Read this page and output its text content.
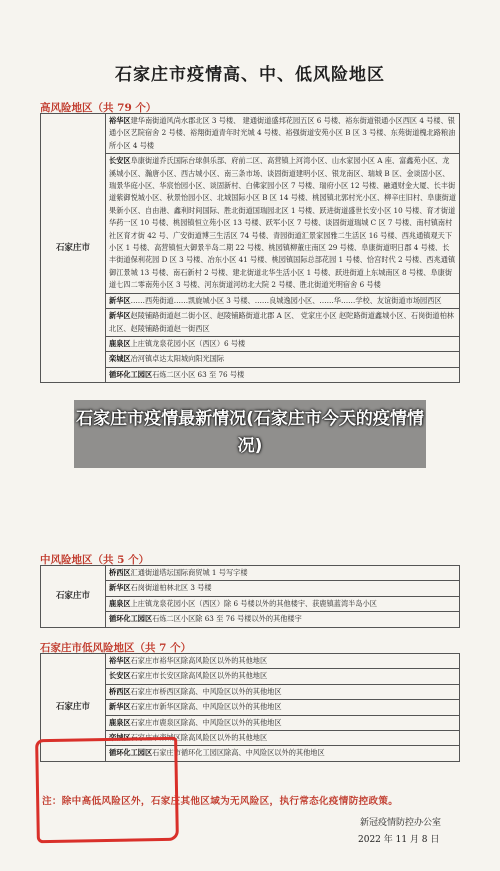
石家庄市疫情高、中、低风险地区
高风险地区（共 79 个）
石家庄市	裕华区建华南街道风尚水郡北区 3 号楼、 建通街道盛邦花园五区 6 号楼、裕东街道银通小区西区 4 号楼、银通小区艺院宿舍 2 号楼、裕翔街道青年时光城 4 号楼、裕强街道安苑小区 B 区 3 号楼、东苑街道槐北路粮油所小区 4 号楼
长安区阜康街道乔氏国际台球俱乐部、府前二区、高营镇上河湾小区、山水家园小区 A 座、富鑫苑小区、龙溪城小区、瀚唐小区、西古城小区、南三条市场、谈固街道建明小区、银龙南区、瑞城 B 区、金谈固小区、瑞景华庭小区、华宸怡园小区、谈固新村、白佛家园小区 7 号楼、瑞府小区 12 号楼、融通财金大厦、长丰街道紫御悦城小区、秋景怡园小区、北城国际小区 B 区 14 号楼、桃园镇北郭村光小区、柳辛庄旧村、阜康街道果新小区、自由港、鑫利时间国际、胜北街道国瑞园北区 1 号楼、跃进街道盛世长安小区 10 号楼、育才街道华药一区 10 号楼、桃园镇恒立苑小区 13 号楼、跃军小区 7 号楼、谈固街道瑞城 C 区 7 号楼、南村镇南村社区育才街 42 号、广安街道博三生活区 74 号楼、青园街道汇景家园雅二生活区 16 号楼、西兆通镇观天下小区 1 号楼、高营镇恒大御景半岛二期 22 号楼、桃园镇柳董庄南区 29 号楼、阜康街道明日郡 4 号楼、长丰街道保利花园 D 区 3 号楼、冶东小区 41 号楼、桃园镇国际总部花园 1 号楼、恰宫时代 2 号楼、西兆通镇御江景城 13 号楼、南石新村 2 号楼、建北街道北华生活小区 1 号楼、跃进街道上东城南区 8 号楼、阜康街道七四二零南苑小区 3 号楼、河东街道河纺北大院 2 号楼、胜北街道光明宿舍 6 号楼
新华区……西苑街道……凯旋城小区 3 号楼、……良城逸园小区、……华……学校、友谊街道市场园西区
新华区赵陵铺路街道赵二街小区、赵陵铺路街道北郡 A 区、 党家庄小区 赵陀路街道鑫城小区、石岗街道柏林北区、赵陵铺路街道赵一街西区
鹿泉区上庄镇龙泉花园小区（西区）6 号楼
栾城区冶河镇卓达太阳城向阳光国际
循环化工园区石炼二区小区 63 至 76 号楼
中风险地区（共 5 个）
石家庄市	桥西区汇通街道塔坛国际商贸城 1 号写字楼
新华区石岗街道柏林北区 3 号楼
鹿泉区上庄镇龙泉花园小区（西区）除 6 号楼以外的其他楼宇、获鹿镇蓝湾半岛小区
循环化工园区石炼二区小区除 63 至 76 号楼以外的其他楼宇
石家庄市低风险地区（共 7 个）
石家庄市	裕华区石家庄市裕华区除高风险区以外的其他地区
长安区石家庄市长安区除高风险区以外的其他地区
桥西区石家庄市桥西区除高、中风险区以外的其他地区
新华区石家庄市新华区除高、中风险区以外的其他地区
鹿泉区石家庄市鹿泉区除高、中风险区以外的其他地区
栾城区石家庄市栾城区除高风险区以外的其他地区
循环化工园区石家庄市循环化工园区除高、中风险区以外的其他地区
注：除中高低风险区外，石家庄其他区域为无风险区，执行常态化疫情防控政策。
新冠疫情防控办公室
2022 年 11 月 8 日
石家庄市疫情最新情况(石家庄市今天的疫情情况)
